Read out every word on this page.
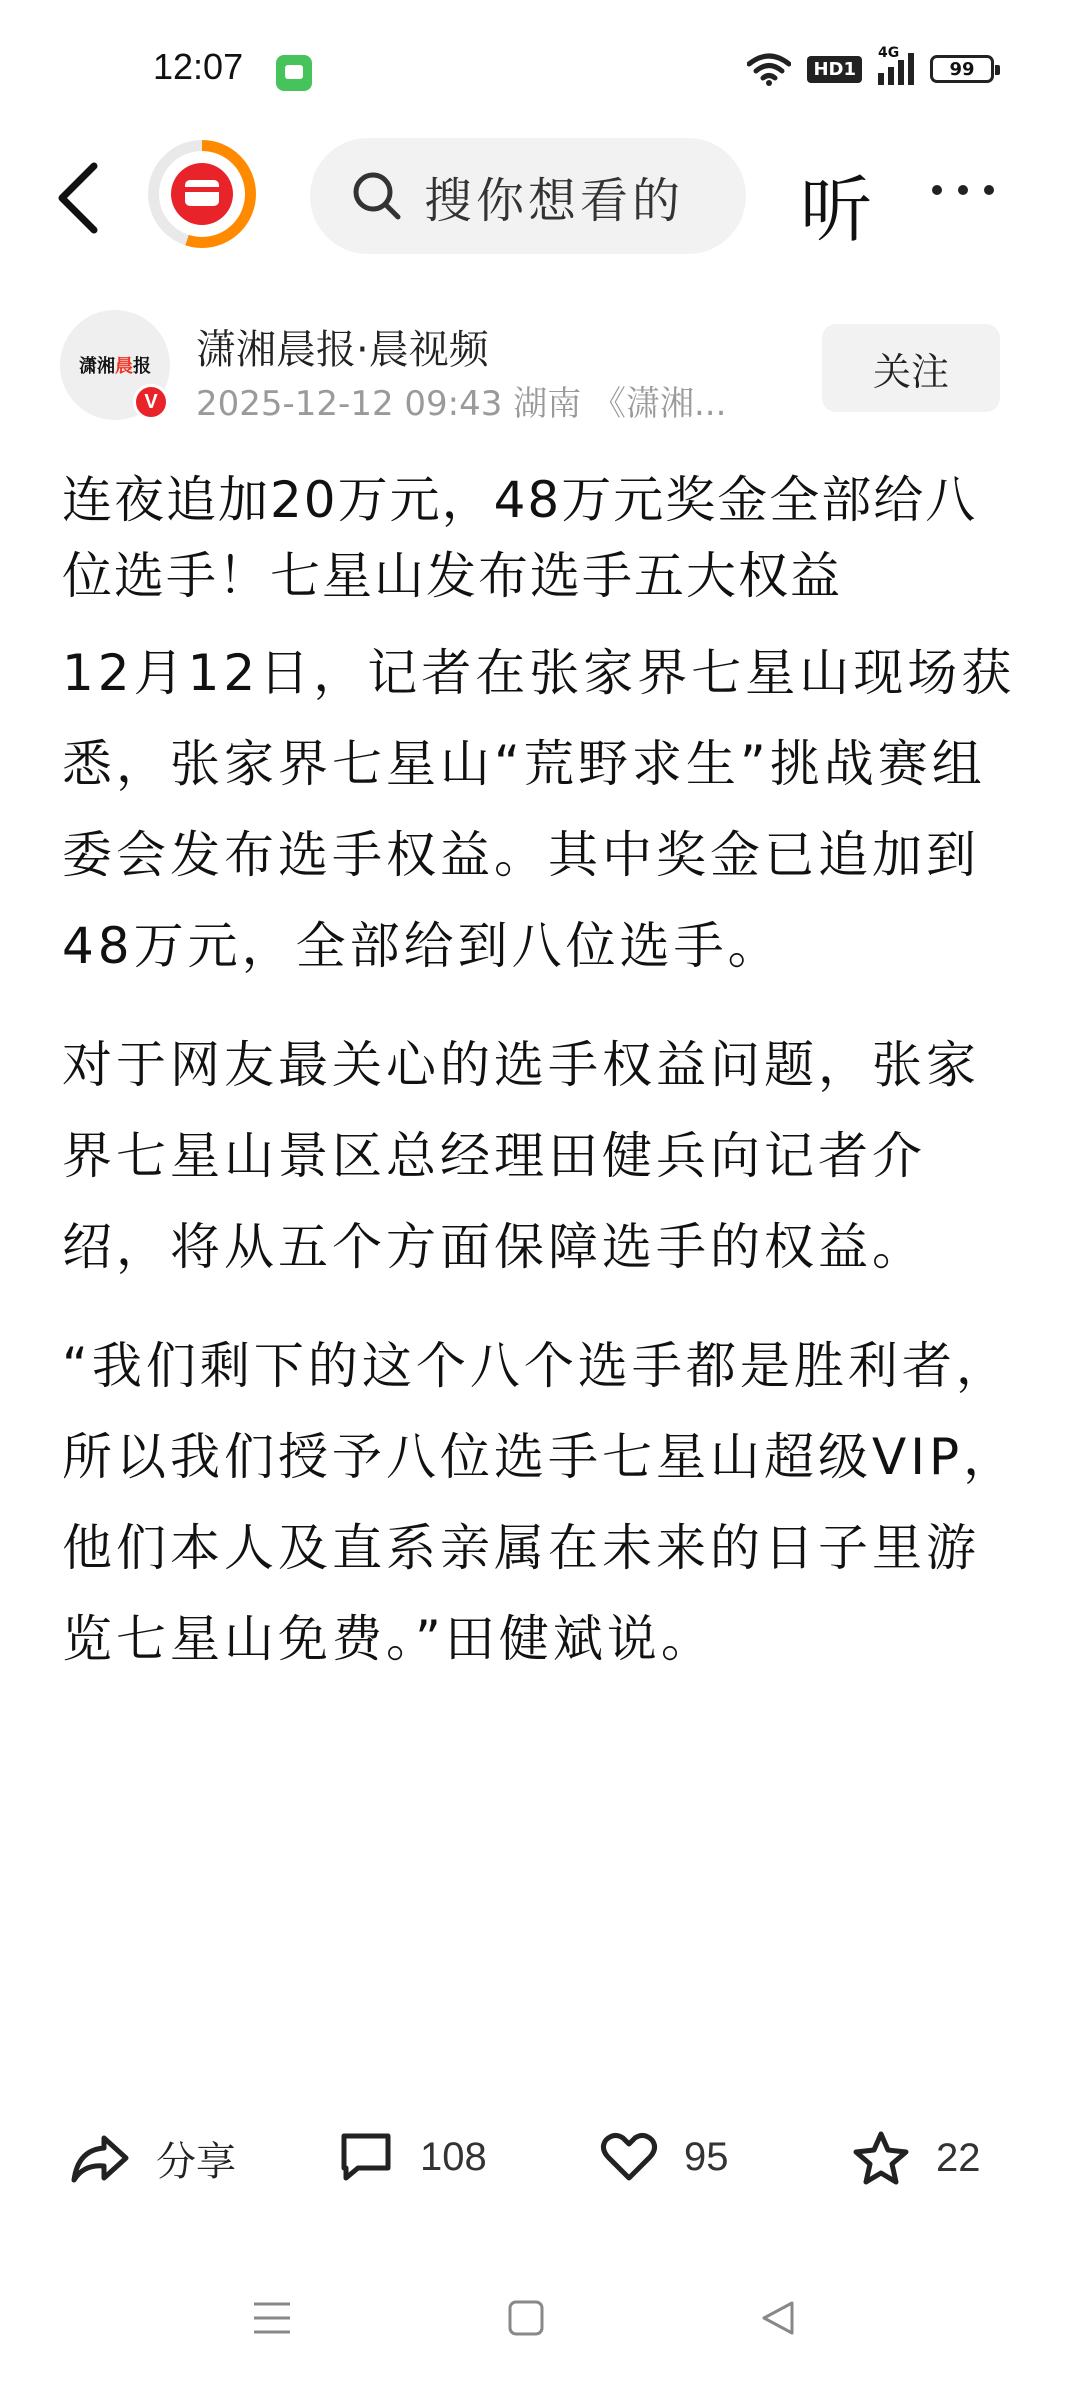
12:07	HD1
4G
99
搜你想看的 听
潇湘 晨 报
V
潇湘晨报·晨视频
2025-12-12 09:43 湖南 《潇湘...
关注
连夜追加20万元，48万元奖金全部给八位选手！七星山发布选手五大权益

12月12日，记者在张家界七星山现场获悉，张家界七星山“荒野求生”挑战赛组委会发布选手权益。其中奖金已追加到48万元，全部给到八位选手。

对于网友最关心的选手权益问题，张家界七星山景区总经理田健兵向记者介绍，将从五个方面保障选手的权益。

“我们剩下的这个八个选手都是胜利者，所以我们授予八位选手七星山超级VIP，他们本人及直系亲属在未来的日子里游览七星山免费。”田健斌说。

分享	108	95	22
